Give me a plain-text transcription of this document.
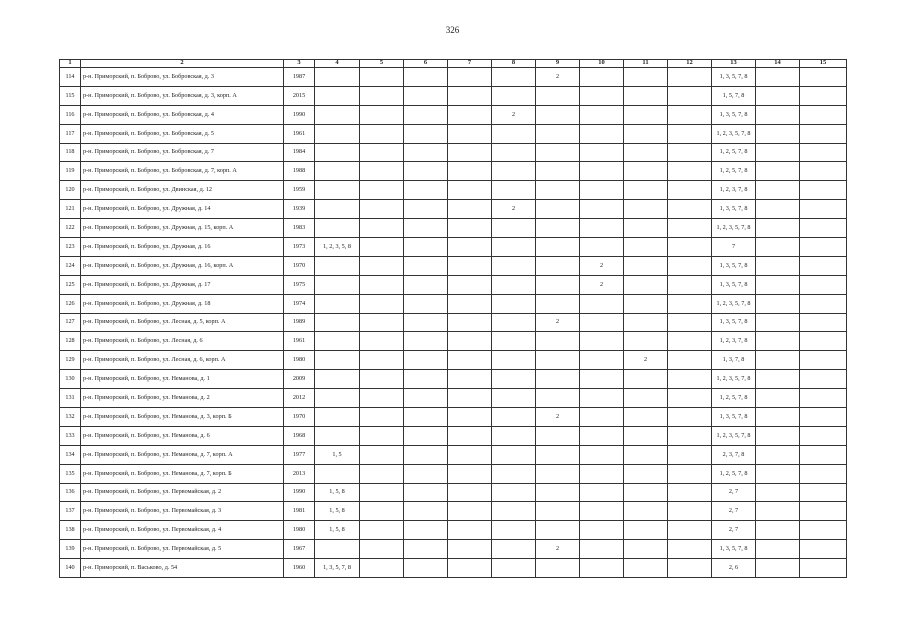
326
1	2	3	4	5	6	7	8	9	10	11	12	13	14	15
114	р-н. Приморский, п. Боброво, ул. Бобровская, д. 3	1987						2				1, 3, 5, 7, 8		
115	р-н. Приморский, п. Боброво, ул. Бобровская, д. 3, корп. А	2015										1, 5, 7, 8		
116	р-н. Приморский, п. Боброво, ул. Бобровская, д. 4	1990					2					1, 3, 5, 7, 8		
117	р-н. Приморский, п. Боброво, ул. Бобровская, д. 5	1961										1, 2, 3, 5, 7, 8		
118	р-н. Приморский, п. Боброво, ул. Бобровская, д. 7	1984										1, 2, 5, 7, 8		
119	р-н. Приморский, п. Боброво, ул. Бобровская, д. 7, корп. А	1988										1, 2, 5, 7, 8		
120	р-н. Приморский, п. Боброво, ул. Двинская, д. 12	1959										1, 2, 3, 7, 8		
121	р-н. Приморский, п. Боброво, ул. Дружная, д. 14	1939					2					1, 3, 5, 7, 8		
122	р-н. Приморский, п. Боброво, ул. Дружная, д. 15, корп. А	1983										1, 2, 3, 5, 7, 8		
123	р-н. Приморский, п. Боброво, ул. Дружная, д. 16	1973	1, 2, 3, 5, 8									7		
124	р-н. Приморский, п. Боброво, ул. Дружная, д. 16, корп. А	1970							2			1, 3, 5, 7, 8		
125	р-н. Приморский, п. Боброво, ул. Дружная, д. 17	1975							2			1, 3, 5, 7, 8		
126	р-н. Приморский, п. Боброво, ул. Дружная, д. 18	1974										1, 2, 3, 5, 7, 8		
127	р-н. Приморский, п. Боброво, ул. Лесная, д. 5, корп. А	1989						2				1, 3, 5, 7, 8		
128	р-н. Приморский, п. Боброво, ул. Лесная, д. 6	1961										1, 2, 3, 7, 8		
129	р-н. Приморский, п. Боброво, ул. Лесная, д. 6, корп. А	1980								2		1, 3, 7, 8		
130	р-н. Приморский, п. Боброво, ул. Неманова, д. 1	2009										1, 2, 3, 5, 7, 8		
131	р-н. Приморский, п. Боброво, ул. Неманова, д. 2	2012										1, 2, 5, 7, 8		
132	р-н. Приморский, п. Боброво, ул. Неманова, д. 3, корп. Б	1970						2				1, 3, 5, 7, 8		
133	р-н. Приморский, п. Боброво, ул. Неманова, д. 6	1968										1, 2, 3, 5, 7, 8		
134	р-н. Приморский, п. Боброво, ул. Неманова, д. 7, корп. А	1977	1, 5									2, 3, 7, 8		
135	р-н. Приморский, п. Боброво, ул. Неманова, д. 7, корп. Б	2013										1, 2, 5, 7, 8		
136	р-н. Приморский, п. Боброво, ул. Первомайская, д. 2	1990	1, 5, 8									2, 7		
137	р-н. Приморский, п. Боброво, ул. Первомайская, д. 3	1981	1, 5, 8									2, 7		
138	р-н. Приморский, п. Боброво, ул. Первомайская, д. 4	1980	1, 5, 8									2, 7		
139	р-н. Приморский, п. Боброво, ул. Первомайская, д. 5	1967						2				1, 3, 5, 7, 8		
140	р-н. Приморский, п. Васьково, д. 54	1960	1, 3, 5, 7, 8									2, 6		
